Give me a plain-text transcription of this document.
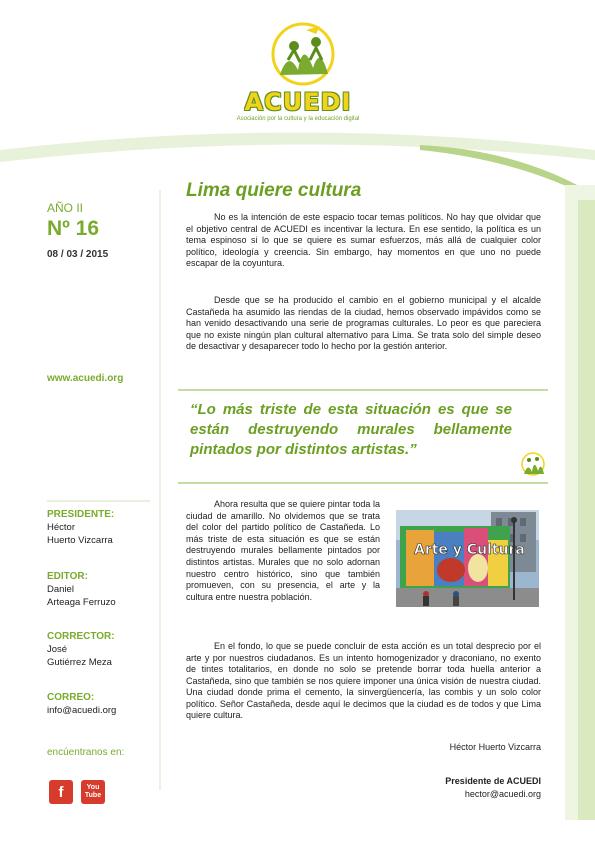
ACUEDI
Asociación por la cultura y la educación digital
AÑO II
Nº 16
08 / 03 / 2015
www.acuedi.org
PRESIDENTE:
Héctor
Huerto Vizcarra
EDITOR:
Daniel
Arteaga Ferruzo
CORRECTOR:
José
Gutiérrez Meza
CORREO:
info@acuedi.org
encúentranos en:
f	You
Tube
Lima quiere cultura
No es la intención de este espacio tocar temas políticos. No hay que olvidar que el objetivo central de ACUEDI es incentivar la lectura. En ese sentido, la política es un tema espinoso si lo que se quiere es sumar esfuerzos, más allá de cualquier color político, ideología y creencia. Sin embargo, hay momentos en que uno no puede escapar de la coyuntura.
Desde que se ha producido el cambio en el gobierno municipal y el alcalde Castañeda ha asumido las riendas de la ciudad, hemos observado impávidos como se han venido desactivando una serie de programas culturales. Lo peor es que pareciera que no existe ningún plan cultural alternativo para Lima. Se trata solo del simple deseo de desactivar y desaparecer todo lo hecho por la gestión anterior.
“Lo más triste de esta situación es que se están destruyendo murales bellamente pintados por distintos artistas.”
Ahora resulta que se quiere pintar toda la ciudad de amarillo. No olvidemos que se trata del color del partido político de Castañeda. Lo más triste de esta situación es que se están destruyendo murales bellamente pintados por distintos artistas. Murales que no solo adornan nuestro centro histórico, sino que también promueven, con su presencia, el arte y la cultura entre nuestra población.
Arte y Cultura
En el fondo, lo que se puede concluir de esta acción es un total desprecio por el arte y por nuestros ciudadanos. Es un intento homogenizador y draconiano, no exento de tintes totalitarios, en donde no solo se pretende borrar toda huella anterior a Castañeda, sino que también se nos quiere imponer una única visión de nuestra ciudad. Una ciudad donde prima el cemento, la sinvergüencería, las combis y un solo color político. Señor Castañeda, desde aquí le decimos que la ciudad es de todos y que Lima quiere cultura.
Héctor Huerto Vizcarra
Presidente de ACUEDI
hector@acuedi.org
